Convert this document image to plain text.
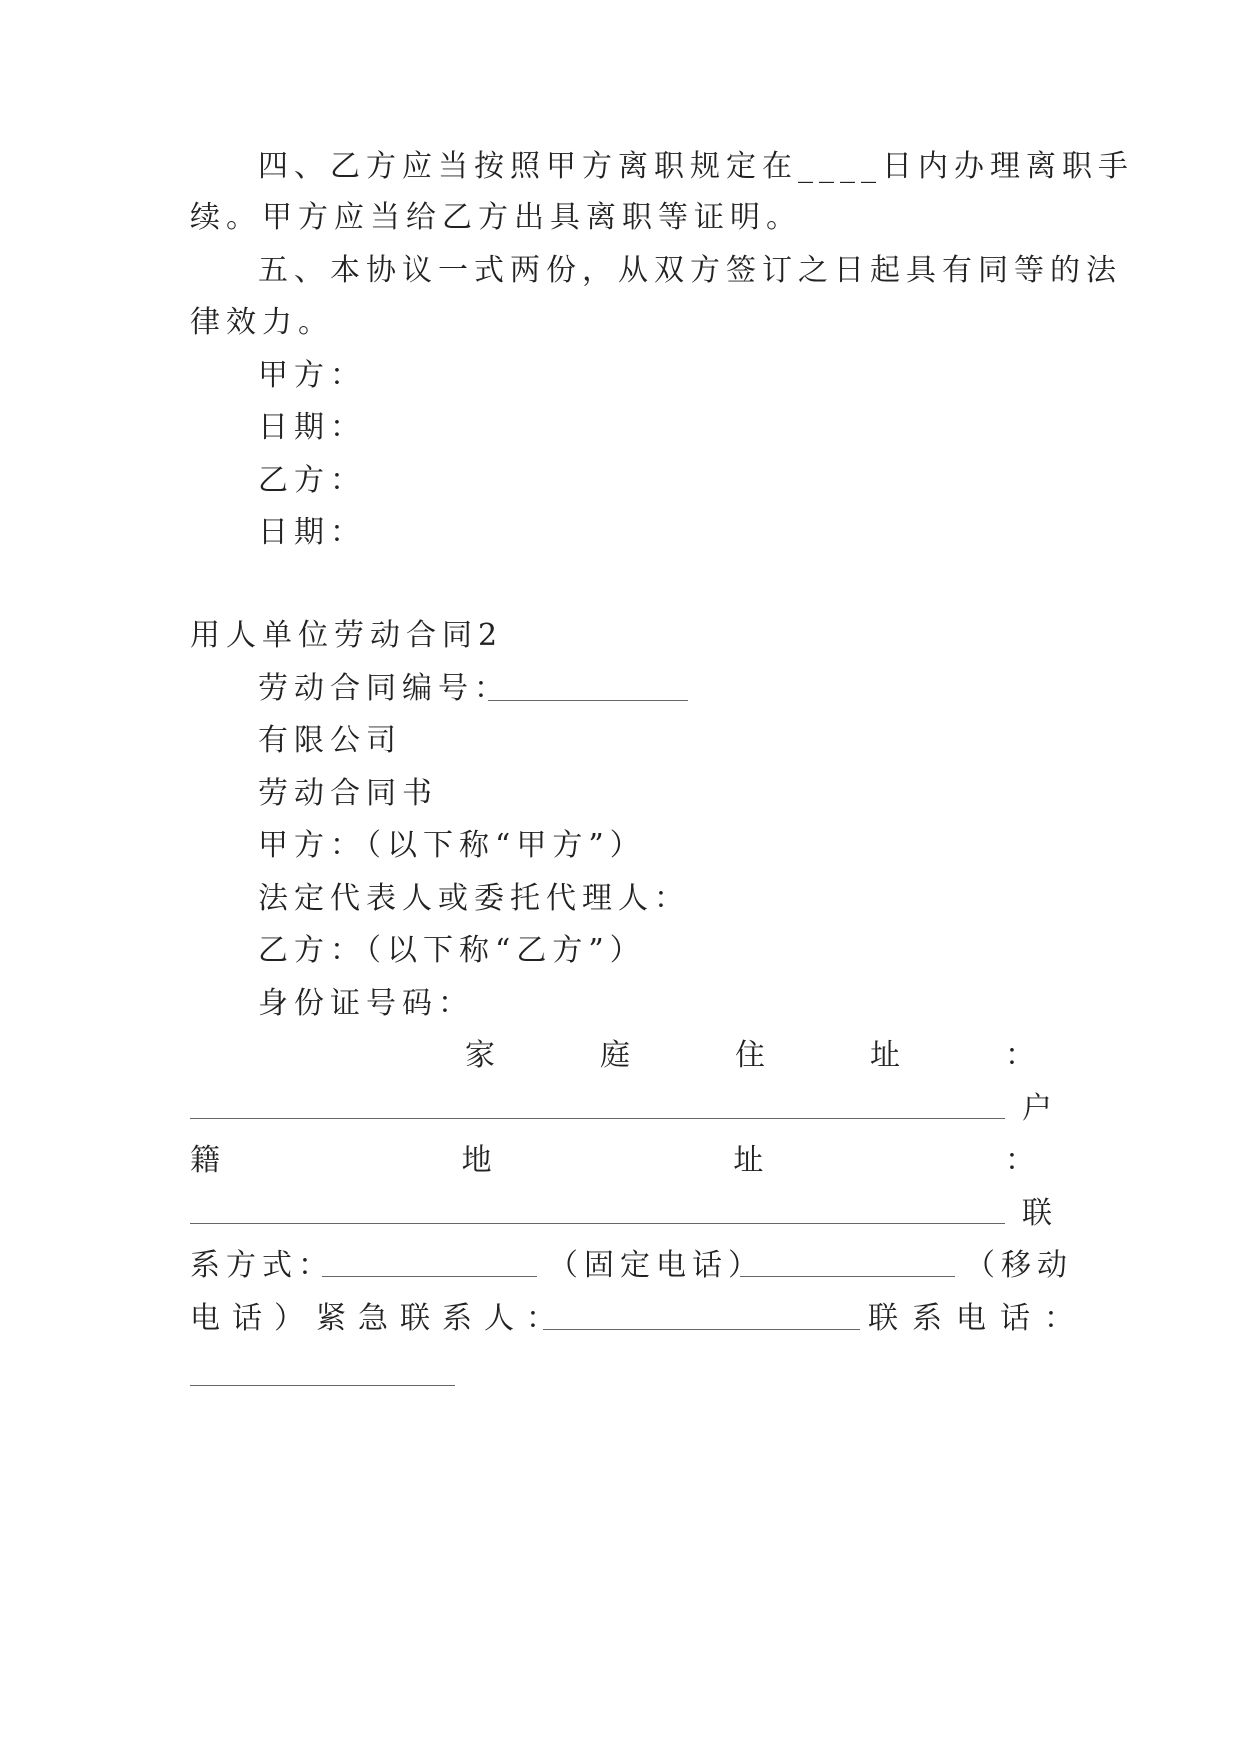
四、乙方应当按照甲方离职规定在____日内办理离职手
续。甲方应当给乙方出具离职等证明。
五、本协议一式两份，从双方签订之日起具有同等的法
律效力。
甲方：
日期：
乙方：
日期：
用人单位劳动合同2
劳动合同编号：
有限公司
劳动合同书
甲方：（以下称“甲方”）
法定代表人或委托代理人：
乙方：（以下称“乙方”）
身份证号码：
家	庭	住	址	：
户
籍	地	址	：
联
系方式：	（固定电话）	（移动
电话）紧急联系人：	联系电话：
